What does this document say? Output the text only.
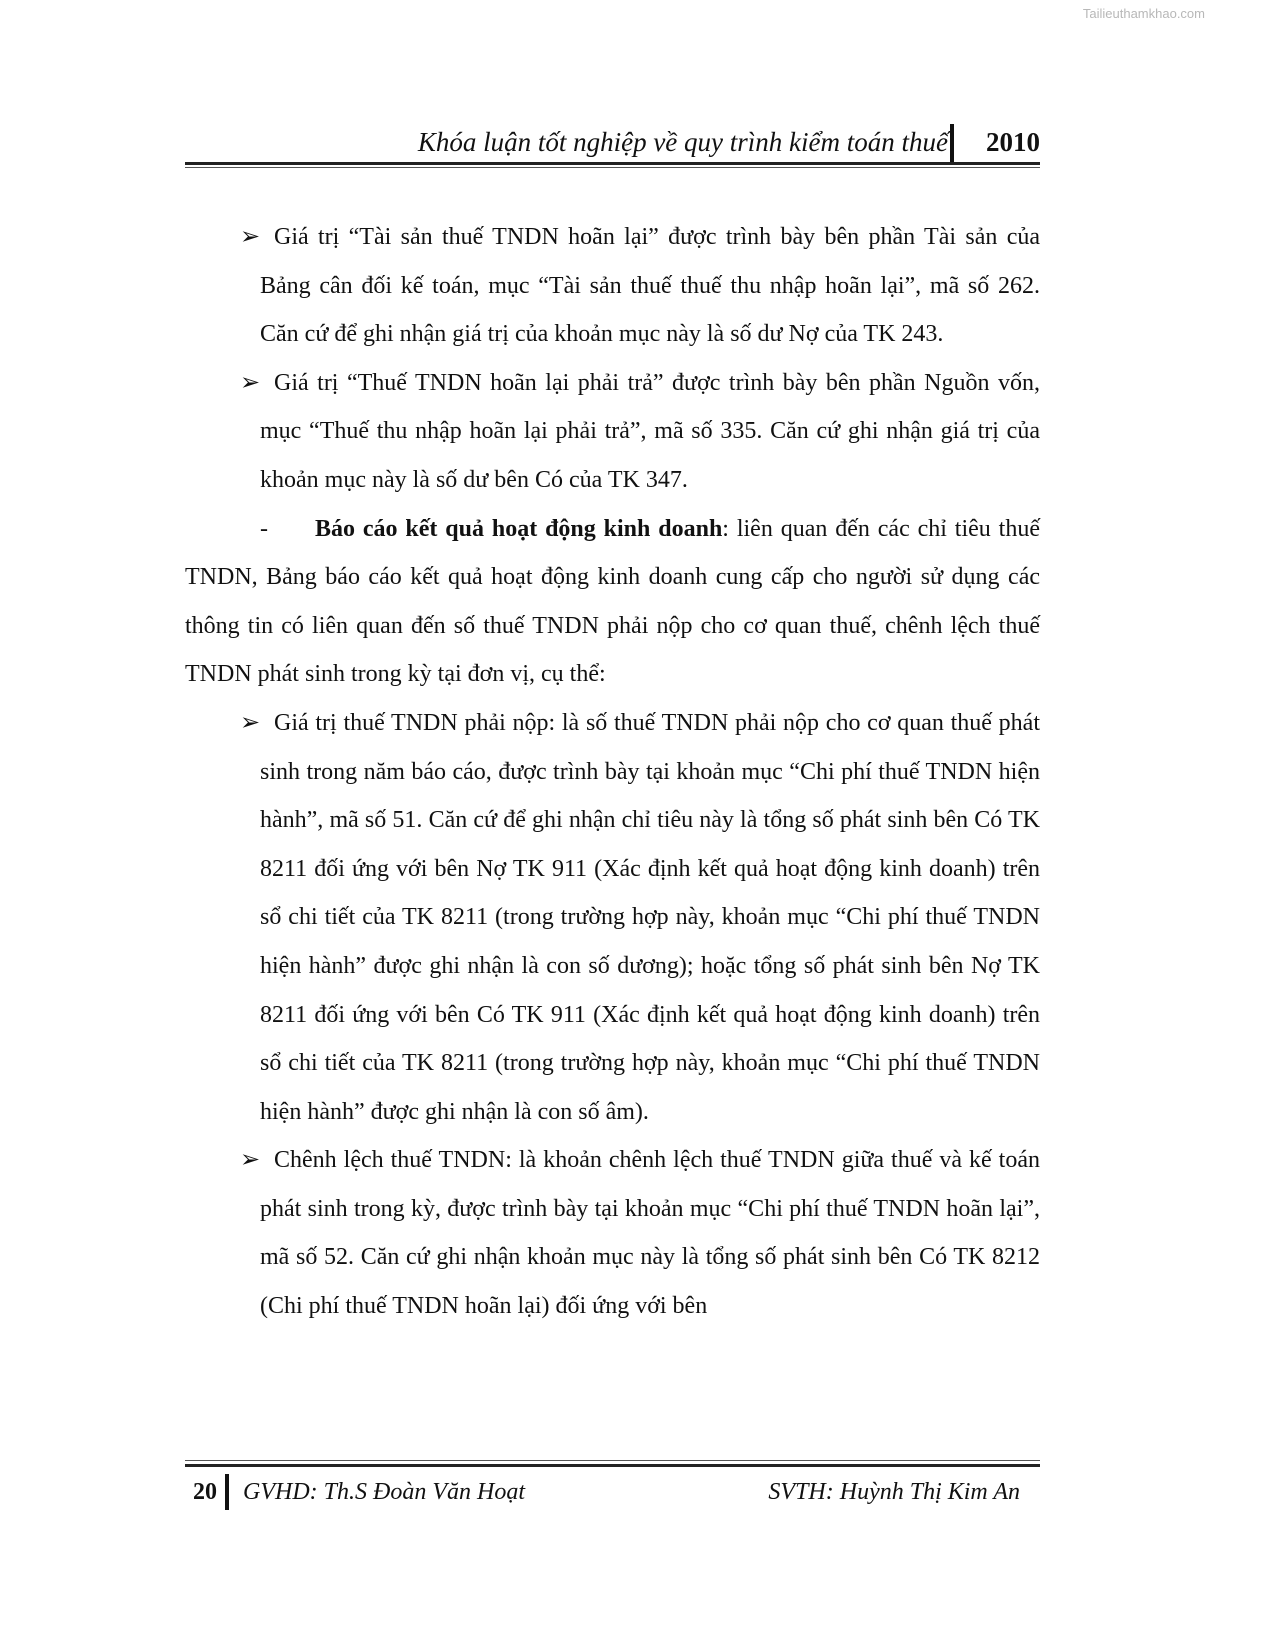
Tailieuthamkhao.com
Khóa luận tốt nghiệp về quy trình kiểm toán thuế 2010

➢ Giá trị “Tài sản thuế TNDN hoãn lại” được trình bày bên phần Tài sản của Bảng cân đối kế toán, mục “Tài sản thuế thuế thu nhập hoãn lại”, mã số 262. Căn cứ để ghi nhận giá trị của khoản mục này là số dư Nợ của TK 243.

➢ Giá trị “Thuế TNDN hoãn lại phải trả” được trình bày bên phần Nguồn vốn, mục “Thuế thu nhập hoãn lại phải trả”, mã số 335. Căn cứ ghi nhận giá trị của khoản mục này là số dư bên Có của TK 347.

- Báo cáo kết quả hoạt động kinh doanh: liên quan đến các chỉ tiêu thuế TNDN, Bảng báo cáo kết quả hoạt động kinh doanh cung cấp cho người sử dụng các thông tin có liên quan đến số thuế TNDN phải nộp cho cơ quan thuế, chênh lệch thuế TNDN phát sinh trong kỳ tại đơn vị, cụ thể:

➢ Giá trị thuế TNDN phải nộp: là số thuế TNDN phải nộp cho cơ quan thuế phát sinh trong năm báo cáo, được trình bày tại khoản mục “Chi phí thuế TNDN hiện hành”, mã số 51. Căn cứ để ghi nhận chỉ tiêu này là tổng số phát sinh bên Có TK 8211 đối ứng với bên Nợ TK 911 (Xác định kết quả hoạt động kinh doanh) trên sổ chi tiết của TK 8211 (trong trường hợp này, khoản mục “Chi phí thuế TNDN hiện hành” được ghi nhận là con số dương); hoặc tổng số phát sinh bên Nợ TK 8211 đối ứng với bên Có TK 911 (Xác định kết quả hoạt động kinh doanh) trên sổ chi tiết của TK 8211 (trong trường hợp này, khoản mục “Chi phí thuế TNDN hiện hành” được ghi nhận là con số âm).

➢ Chênh lệch thuế TNDN: là khoản chênh lệch thuế TNDN giữa thuế và kế toán phát sinh trong kỳ, được trình bày tại khoản mục “Chi phí thuế TNDN hoãn lại”, mã số 52. Căn cứ ghi nhận khoản mục này là tổng số phát sinh bên Có TK 8212 (Chi phí thuế TNDN hoãn lại) đối ứng với bên

20 GVHD: Th.S Đoàn Văn Hoạt	SVTH: Huỳnh Thị Kim An
